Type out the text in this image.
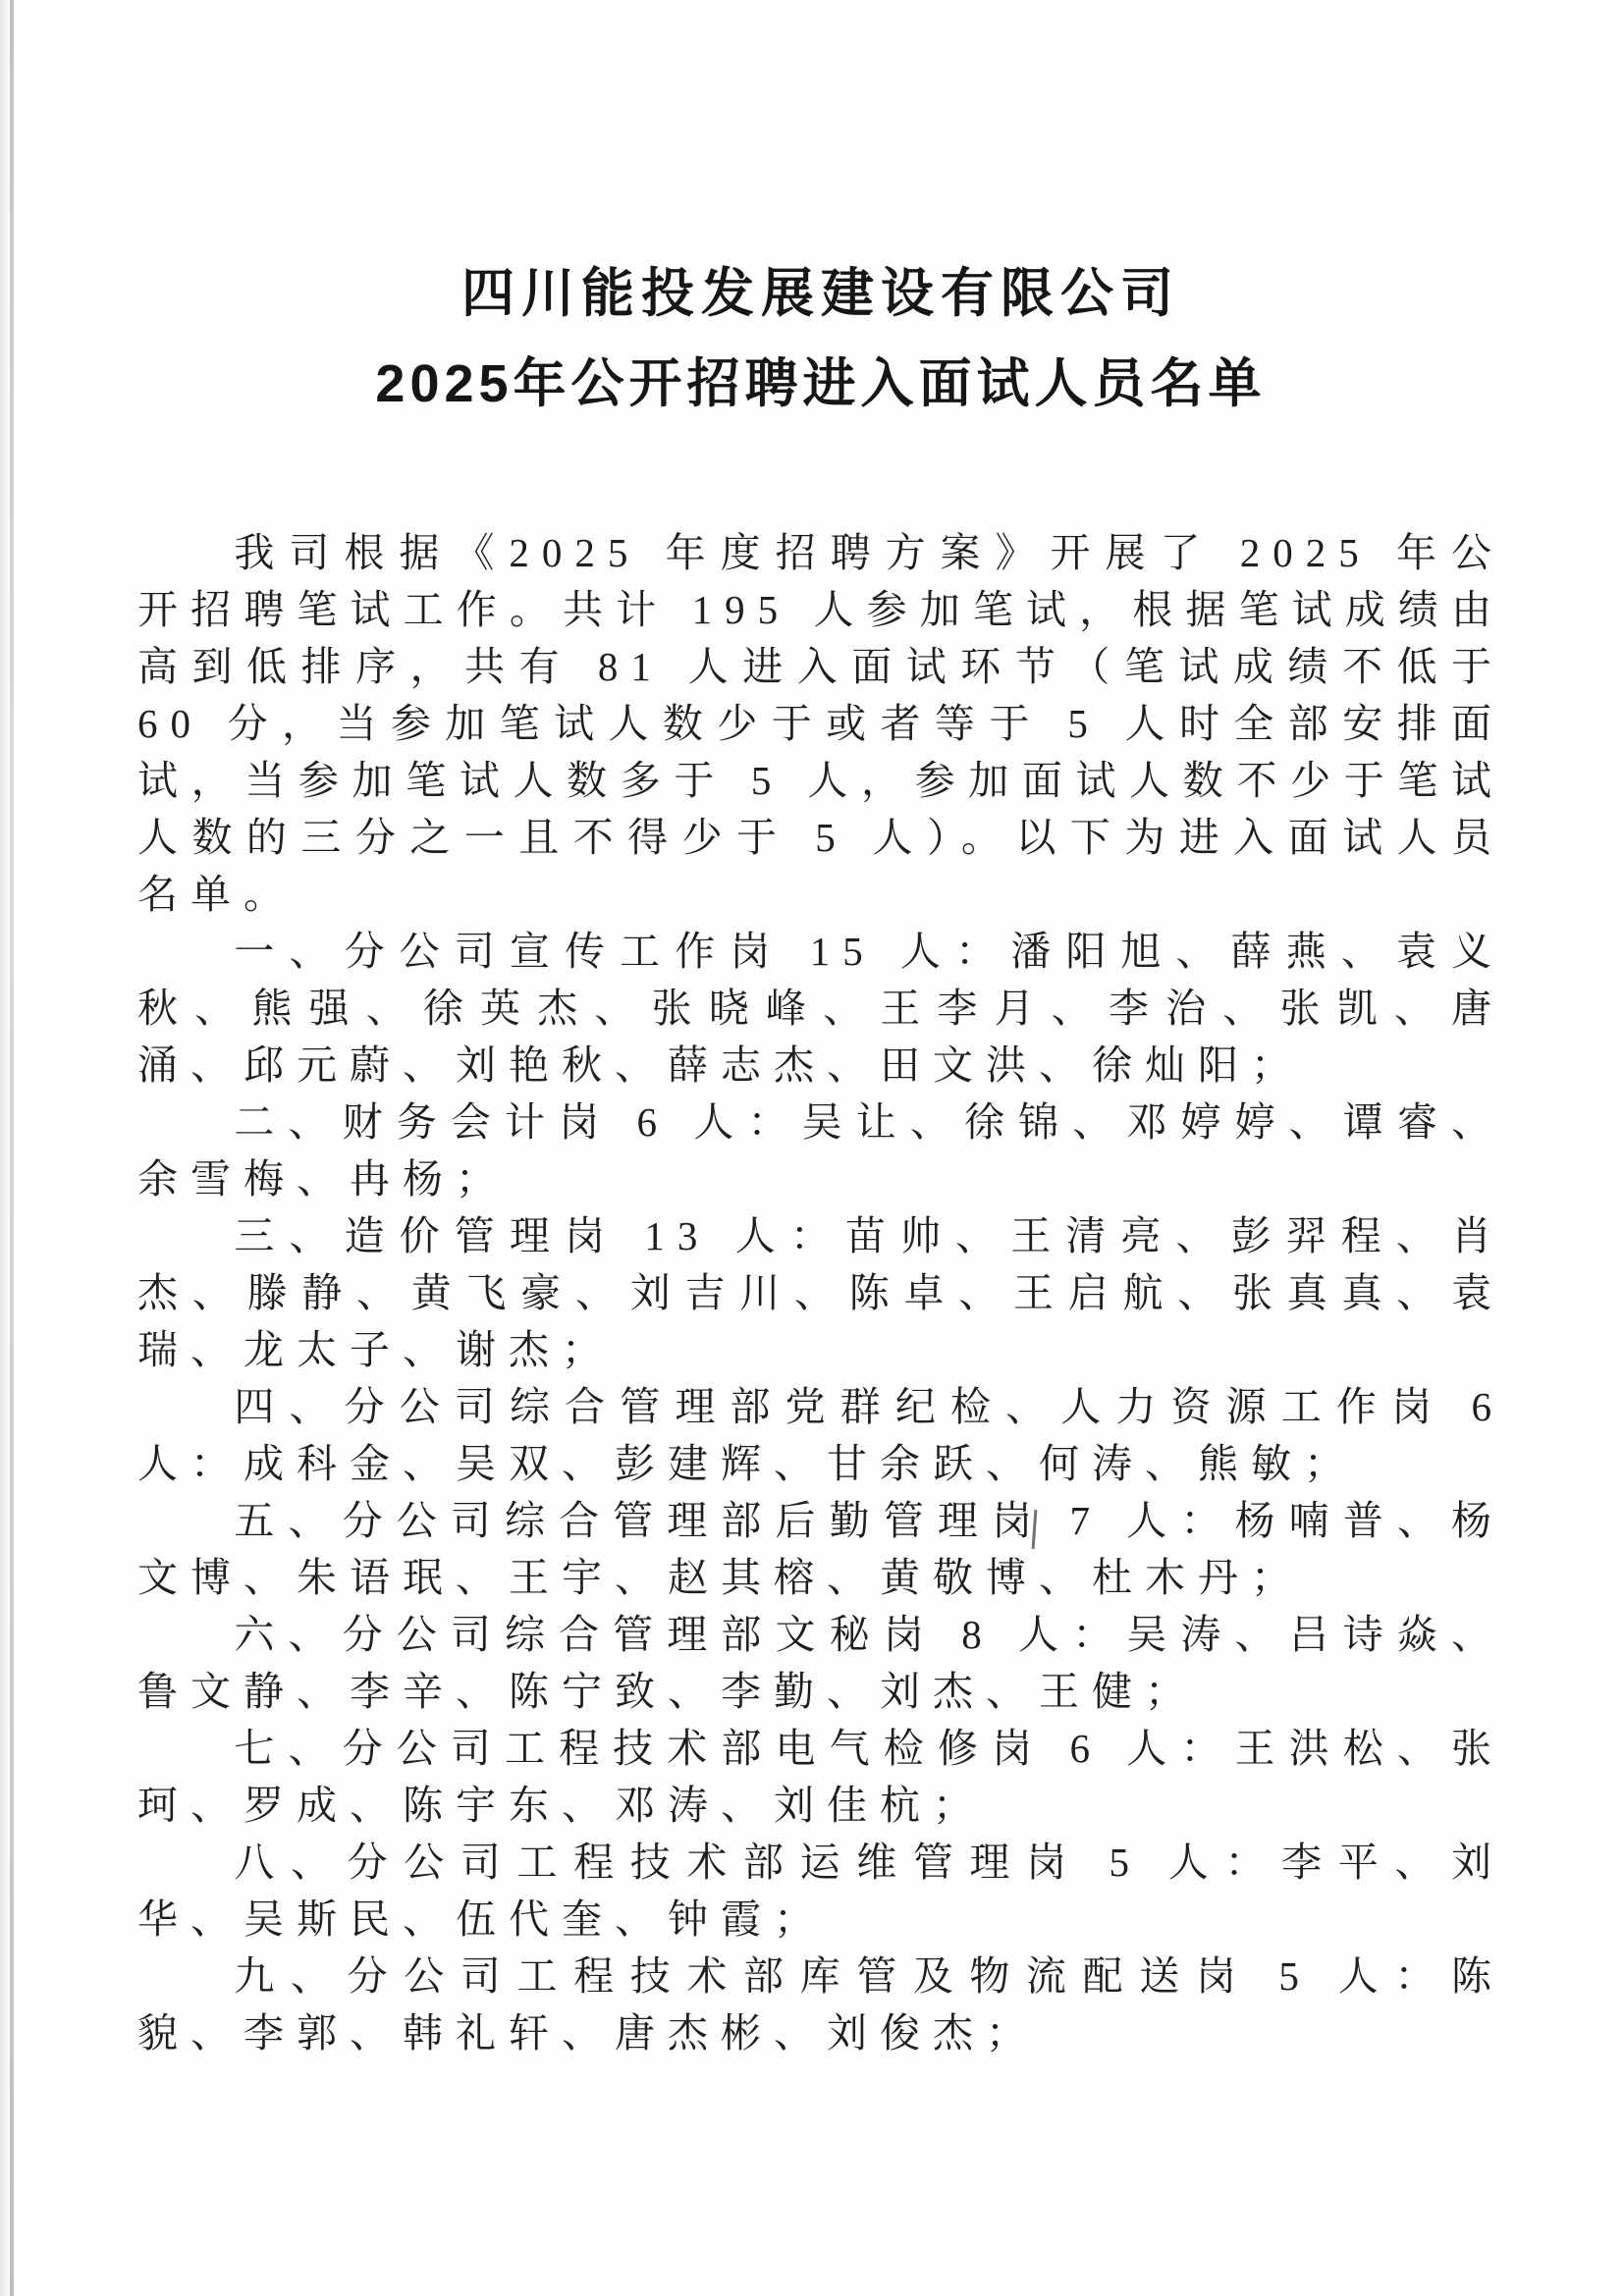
四川能投发展建设有限公司
2025年公开招聘进入面试人员名单

我司根据《2025 年度招聘方案》开展了 2025 年公开招聘笔试工作。共计 195 人参加笔试，根据笔试成绩由高到低排序，共有 81 人进入面试环节（笔试成绩不低于 60 分，当参加笔试人数少于或者等于 5 人时全部安排面试，当参加笔试人数多于 5 人，参加面试人数不少于笔试人数的三分之一且不得少于 5 人）。以下为进入面试人员名单。

一、分公司宣传工作岗 15 人：潘阳旭、薛燕、袁义秋、熊强、徐英杰、张晓峰、王李月、李治、张凯、唐涌、邱元蔚、刘艳秋、薛志杰、田文洪、徐灿阳；

二、财务会计岗 6 人：吴让、徐锦、邓婷婷、谭睿、余雪梅、冉杨；

三、造价管理岗 13 人：苗帅、王清亮、彭羿程、肖杰、滕静、黄飞豪、刘吉川、陈卓、王启航、张真真、袁瑞、龙太子、谢杰；

四、分公司综合管理部党群纪检、人力资源工作岗 6 人：成科金、吴双、彭建辉、甘余跃、何涛、熊敏；

五、分公司综合管理部后勤管理岗 7 人：杨喃普、杨文博、朱语珉、王宇、赵其榕、黄敬博、杜木丹；

六、分公司综合管理部文秘岗 8 人：吴涛、吕诗焱、鲁文静、李辛、陈宁致、李勤、刘杰、王健；

七、分公司工程技术部电气检修岗 6 人：王洪松、张珂、罗成、陈宇东、邓涛、刘佳杭；

八、分公司工程技术部运维管理岗 5 人：李平、刘华、吴斯民、伍代奎、钟霞；

九、分公司工程技术部库管及物流配送岗 5 人：陈貌、李郭、韩礼轩、唐杰彬、刘俊杰；
